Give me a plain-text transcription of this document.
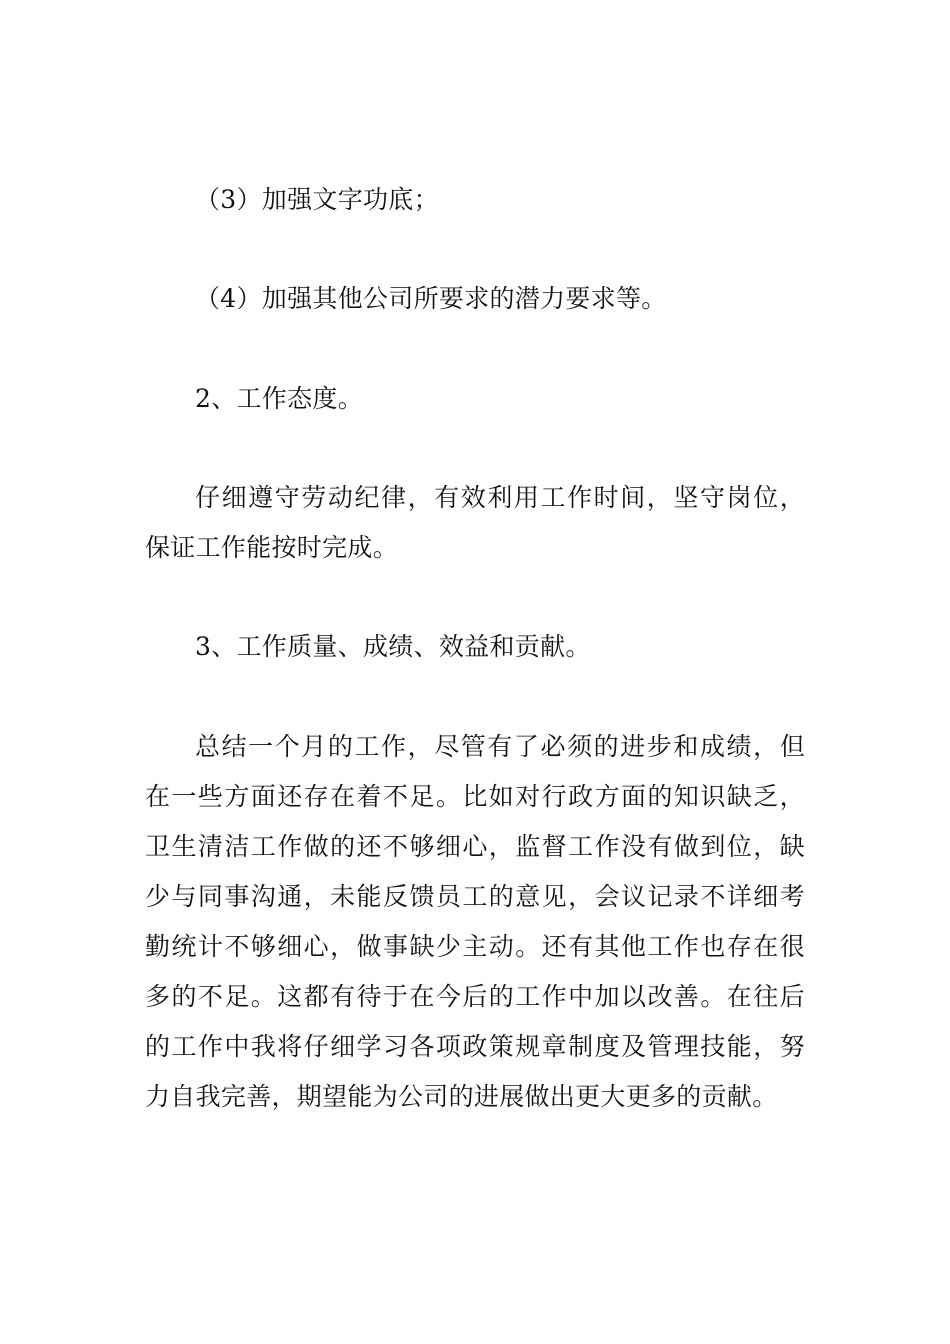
（3）加强文字功底；
（4）加强其他公司所要求的潜力要求等。
2、工作态度。
仔细遵守劳动纪律，有效利用工作时间，坚守岗位，
保证工作能按时完成。
3、工作质量、成绩、效益和贡献。
总结一个月的工作，尽管有了必须的进步和成绩，但
在一些方面还存在着不足。比如对行政方面的知识缺乏，
卫生清洁工作做的还不够细心，监督工作没有做到位，缺
少与同事沟通，未能反馈员工的意见，会议记录不详细考
勤统计不够细心，做事缺少主动。还有其他工作也存在很
多的不足。这都有待于在今后的工作中加以改善。在往后
的工作中我将仔细学习各项政策规章制度及管理技能，努
力自我完善，期望能为公司的进展做出更大更多的贡献。
